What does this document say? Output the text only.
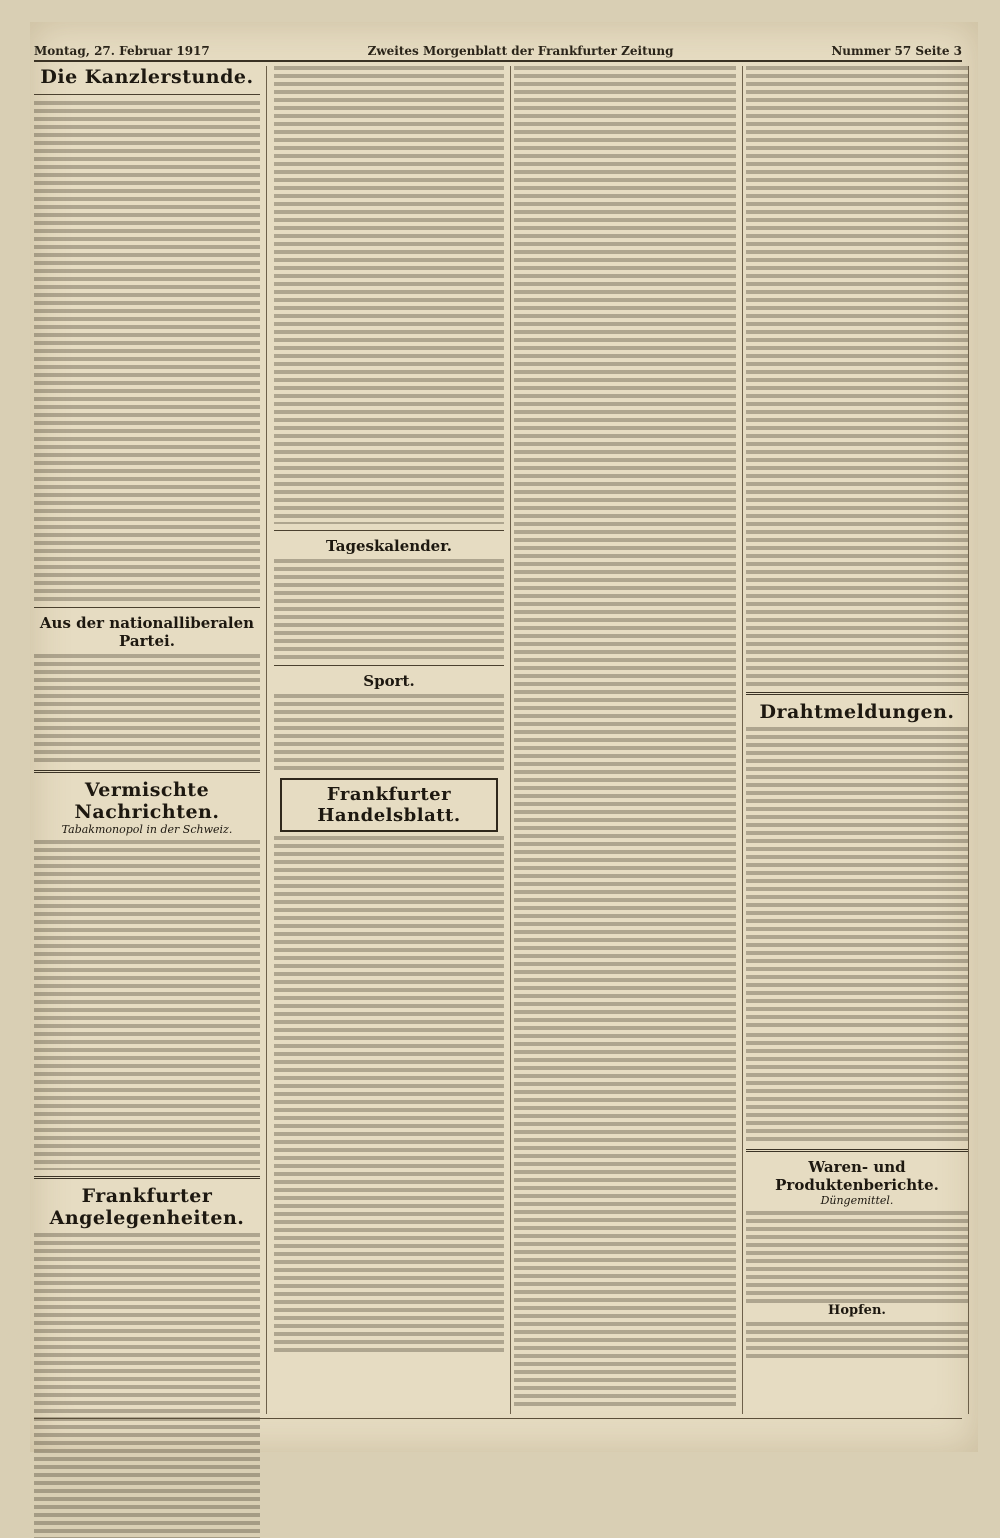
Montag, 27. Februar 1917	Zweites Morgenblatt der Frankfurter Zeitung	Nummer 57 Seite 3
Die Kanzlerstunde.
Aus der nationalliberalen Partei.
Vermischte Nachrichten.
Tabakmonopol in der Schweiz.
Frankfurter Angelegenheiten.
Tageskalender.
Sport.
Frankfurter Handelsblatt.
Drahtmeldungen.
Waren- und Produktenberichte.
Düngemittel.
Hopfen.
